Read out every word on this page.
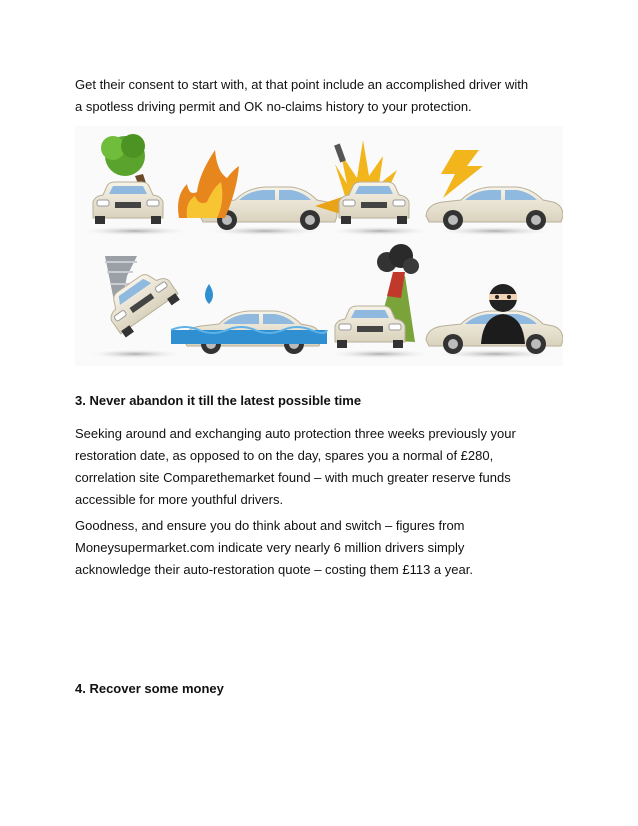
Get their consent to start with, at that point include an accomplished driver with
a spotless driving permit and OK no-claims history to your protection.

3. Never abandon it till the latest possible time

Seeking around and exchanging auto protection three weeks previously your
restoration date, as opposed to on the day, spares you a normal of £280,
correlation site Comparethemarket found – with much greater reserve funds
accessible for more youthful drivers.

Goodness, and ensure you do think about and switch – figures from
Moneysupermarket.com indicate very nearly 6 million drivers simply
acknowledge their auto-restoration quote – costing them £113 a year.

4. Recover some money
